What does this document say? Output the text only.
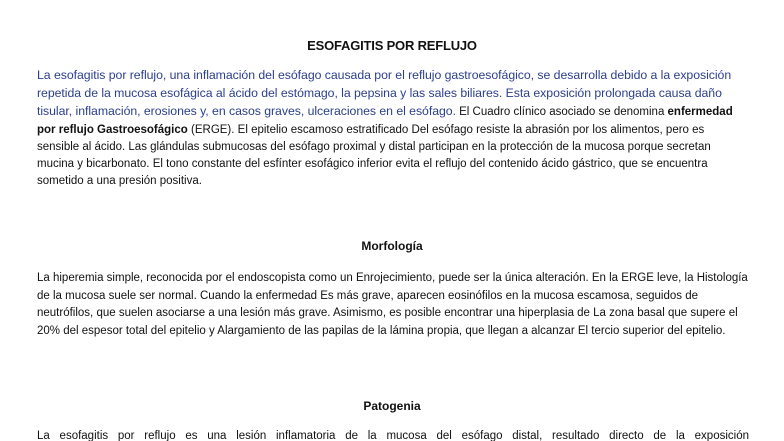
ESOFAGITIS POR REFLUJO
La esofagitis por reflujo, una inflamación del esófago causada por el reflujo gastroesofágico, se desarrolla debido a la exposición repetida de la mucosa esofágica al ácido del estómago, la pepsina y las sales biliares. Esta exposición prolongada causa daño tisular, inflamación, erosiones y, en casos graves, ulceraciones en el esófago. El Cuadro clínico asociado se denomina enfermedad por reflujo Gastroesofágico (ERGE). El epitelio escamoso estratificado Del esófago resiste la abrasión por los alimentos, pero es sensible al ácido. Las glándulas submucosas del esófago proximal y distal participan en la protección de la mucosa porque secretan mucina y bicarbonato. El tono constante del esfínter esofágico inferior evita el reflujo del contenido ácido gástrico, que se encuentra sometido a una presión positiva.
Morfología
La hiperemia simple, reconocida por el endoscopista como un Enrojecimiento, puede ser la única alteración. En la ERGE leve, la Histología de la mucosa suele ser normal. Cuando la enfermedad Es más grave, aparecen eosinófilos en la mucosa escamosa, seguidos de neutrófilos, que suelen asociarse a una lesión más grave. Asimismo, es posible encontrar una hiperplasia de La zona basal que supere el 20% del espesor total del epitelio y Alargamiento de las papilas de la lámina propia, que llegan a alcanzar El tercio superior del epitelio.
Patogenia
La esofagitis por reflujo es una lesión inflamatoria de la mucosa del esófago distal, resultado directo de la exposición
